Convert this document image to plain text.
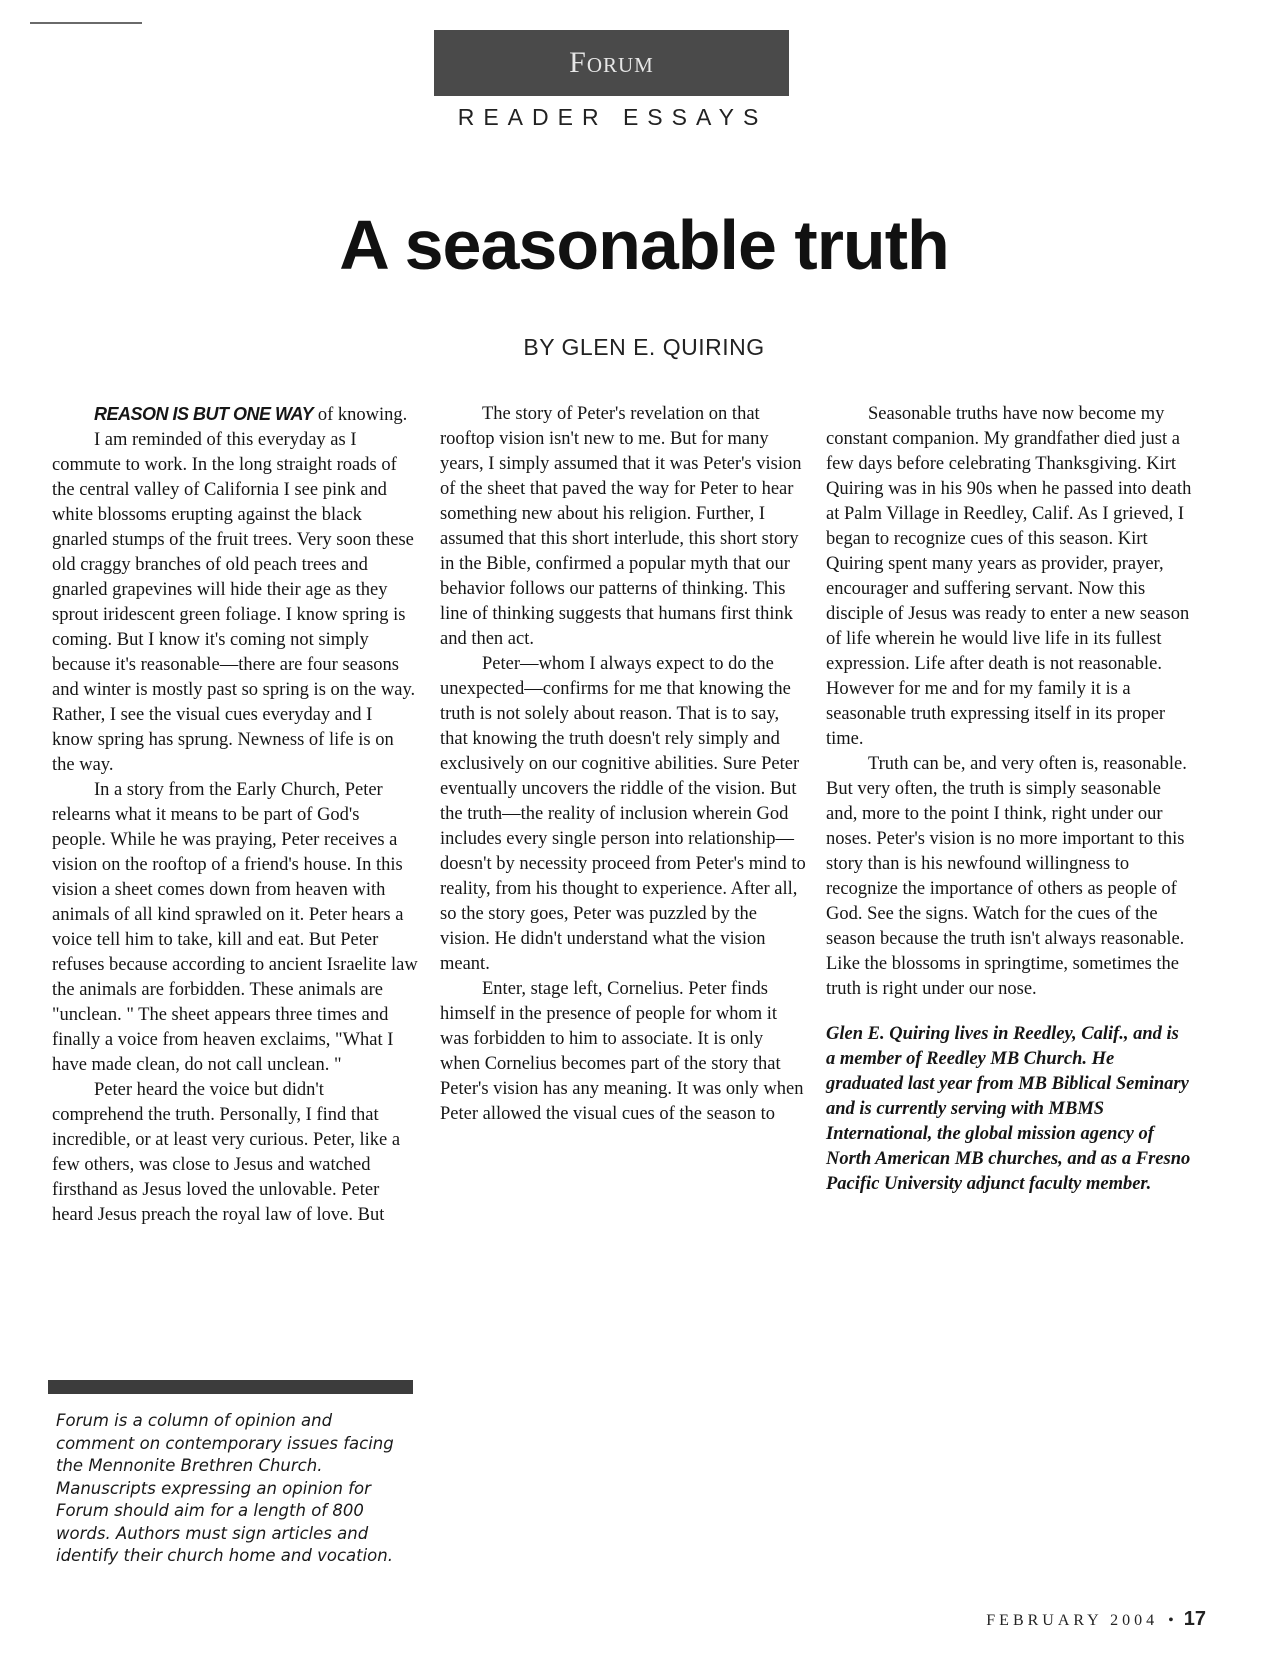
Forum
READER ESSAYS
A seasonable truth
BY GLEN E. QUIRING

REASON IS BUT ONE WAY of knowing.

I am reminded of this everyday as I commute to work. In the long straight roads of the central valley of California I see pink and white blossoms erupting against the black gnarled stumps of the fruit trees. Very soon these old craggy branches of old peach trees and gnarled grapevines will hide their age as they sprout iridescent green foliage. I know spring is coming. But I know it's coming not simply because it's reasonable—there are four seasons and winter is mostly past so spring is on the way. Rather, I see the visual cues everyday and I know spring has sprung. Newness of life is on the way.

In a story from the Early Church, Peter relearns what it means to be part of God's people. While he was praying, Peter receives a vision on the rooftop of a friend's house. In this vision a sheet comes down from heaven with animals of all kind sprawled on it. Peter hears a voice tell him to take, kill and eat. But Peter refuses because according to ancient Israelite law the animals are forbidden. These animals are "unclean. " The sheet appears three times and finally a voice from heaven exclaims, "What I have made clean, do not call unclean. "

Peter heard the voice but didn't comprehend the truth. Personally, I find that incredible, or at least very curious. Peter, like a few others, was close to Jesus and watched firsthand as Jesus loved the unlovable. Peter heard Jesus preach the royal law of love. But

The story of Peter's revelation on that rooftop vision isn't new to me. But for many years, I simply assumed that it was Peter's vision of the sheet that paved the way for Peter to hear something new about his religion. Further, I assumed that this short interlude, this short story in the Bible, confirmed a popular myth that our behavior follows our patterns of thinking. This line of thinking suggests that humans first think and then act.

Peter—whom I always expect to do the unexpected—confirms for me that knowing the truth is not solely about reason. That is to say, that knowing the truth doesn't rely simply and exclusively on our cognitive abilities. Sure Peter eventually uncovers the riddle of the vision. But the truth—the reality of inclusion wherein God includes every single person into relationship—doesn't by necessity proceed from Peter's mind to reality, from his thought to experience. After all, so the story goes, Peter was puzzled by the vision. He didn't understand what the vision meant.

Enter, stage left, Cornelius. Peter finds himself in the presence of people for whom it was forbidden to him to associate. It is only when Cornelius becomes part of the story that Peter's vision has any meaning. It was only when Peter allowed the visual cues of the season to

Seasonable truths have now become my constant companion. My grandfather died just a few days before celebrating Thanksgiving. Kirt Quiring was in his 90s when he passed into death at Palm Village in Reedley, Calif. As I grieved, I began to recognize cues of this season. Kirt Quiring spent many years as provider, prayer, encourager and suffering servant. Now this disciple of Jesus was ready to enter a new season of life wherein he would live life in its fullest expression. Life after death is not reasonable. However for me and for my family it is a seasonable truth expressing itself in its proper time.

Truth can be, and very often is, reasonable. But very often, the truth is simply seasonable and, more to the point I think, right under our noses. Peter's vision is no more important to this story than is his newfound willingness to recognize the importance of others as people of God. See the signs. Watch for the cues of the season because the truth isn't always reasonable. Like the blossoms in springtime, sometimes the truth is right under our nose.

Glen E. Quiring lives in Reedley, Calif., and is a member of Reedley MB Church. He graduated last year from MB Biblical Seminary and is currently serving with MBMS International, the global mission agency of North American MB churches, and as a Fresno Pacific University adjunct faculty member.

Forum is a column of opinion and comment on contemporary issues facing the Mennonite Brethren Church. Manuscripts expressing an opinion for Forum should aim for a length of 800 words. Authors must sign articles and identify their church home and vocation.

FEBRUARY 2004 • 17
